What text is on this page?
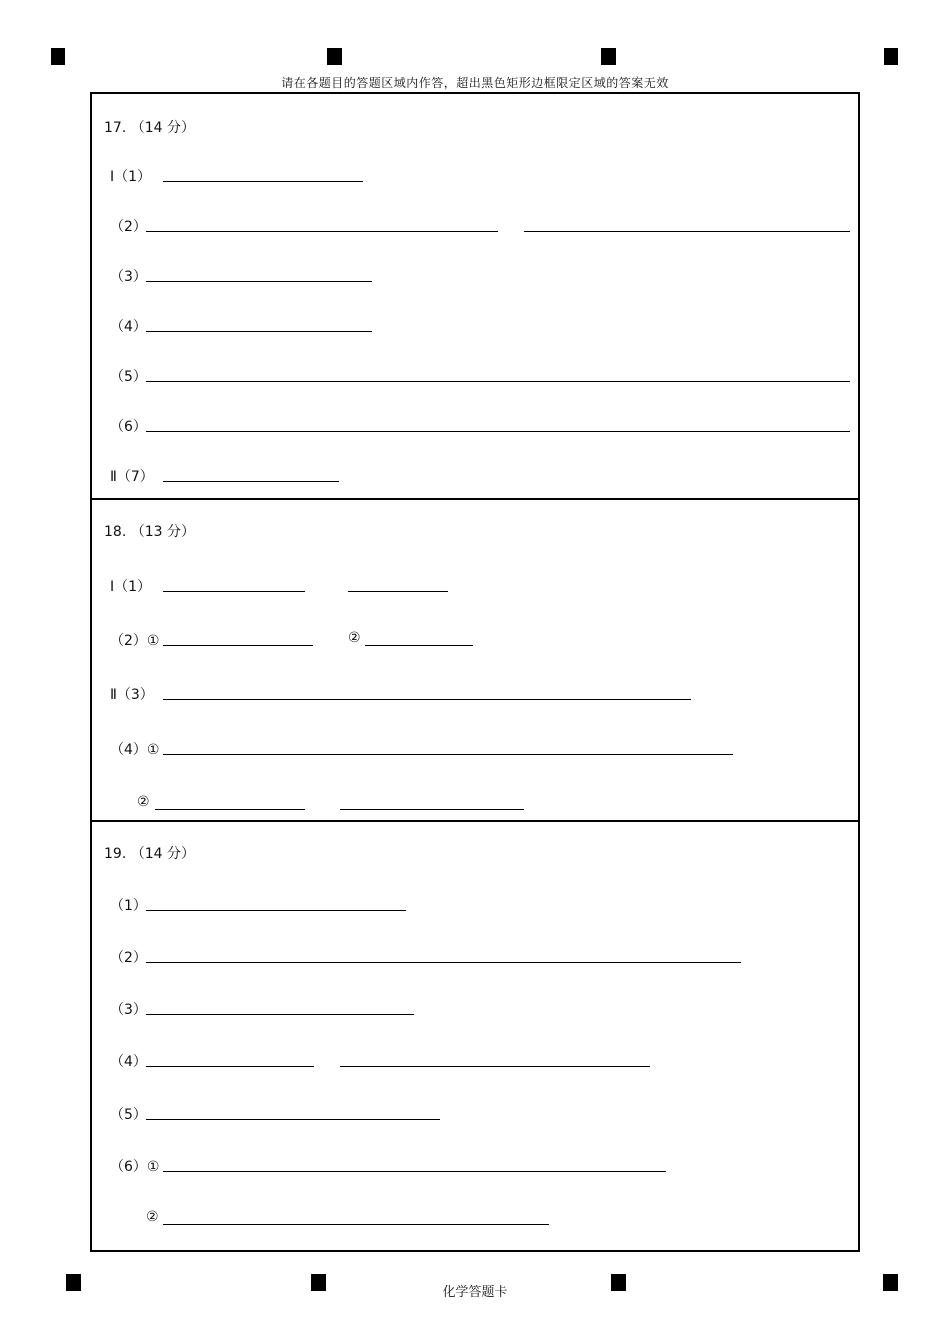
请在各题目的答题区域内作答，超出黑色矩形边框限定区域的答案无效
17. （14 分）
Ⅰ（1）
（2）
（3）
（4）
（5）
（6）
Ⅱ（7）
18. （13 分）
Ⅰ（1）
（2）①	②
Ⅱ（3）
（4）①
②
19. （14 分）
（1）
（2）
（3）
（4）
（5）
（6）①
②
化学答题卡
